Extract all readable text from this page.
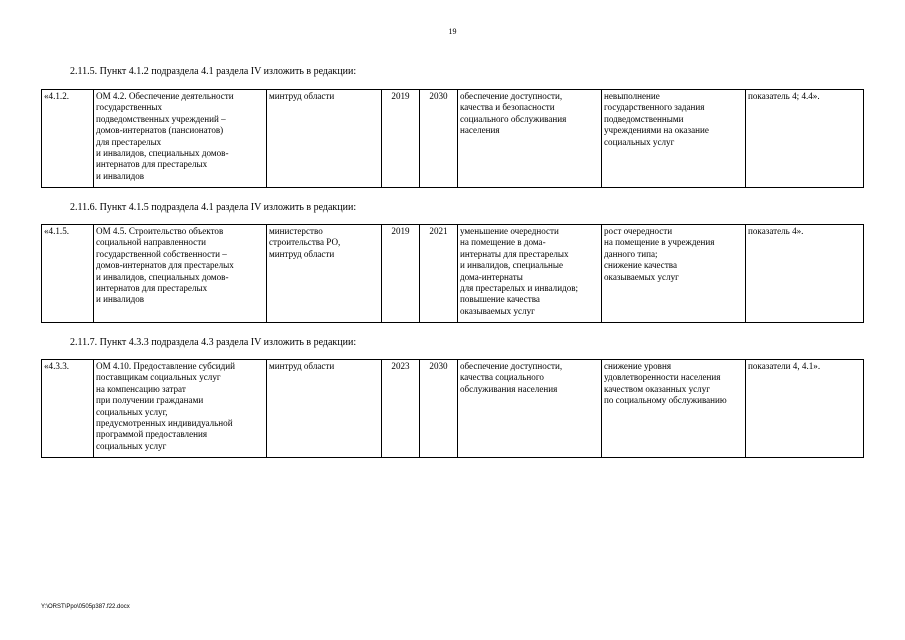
19
2.11.5. Пункт 4.1.2 подраздела 4.1 раздела IV изложить в редакции:
«4.1.2.	ОМ 4.2. Обеспечение деятельности
государственных
подведомственных учреждений –
домов-интернатов (пансионатов)
для престарелых
и инвалидов, специальных домов-
интернатов для престарелых
и инвалидов	минтруд области	2019	2030	обеспечение доступности,
качества и безопасности
социального обслуживания
населения	невыполнение
государственного задания
подведомственными
учреждениями на оказание
социальных услуг	показатель 4; 4.4».
2.11.6. Пункт 4.1.5 подраздела 4.1 раздела IV изложить в редакции:
«4.1.5.	ОМ 4.5. Строительство объектов
социальной направленности
государственной собственности –
домов-интернатов для престарелых
и инвалидов, специальных домов-
интернатов для престарелых
и инвалидов	министерство
строительства РО,
минтруд области	2019	2021	уменьшение очередности
на помещение в дома-
интернаты для престарелых
и инвалидов, специальные
дома-интернаты
для престарелых и инвалидов;
повышение качества
оказываемых услуг	рост очередности
на помещение в учреждения
данного типа;
снижение качества
оказываемых услуг	показатель 4».
2.11.7. Пункт 4.3.3 подраздела 4.3 раздела IV изложить в редакции:
«4.3.3.	ОМ 4.10. Предоставление субсидий
поставщикам социальных услуг
на компенсацию затрат
при получении гражданами
социальных услуг,
предусмотренных индивидуальной
программой предоставления
социальных услуг	минтруд области	2023	2030	обеспечение доступности,
качества социального
обслуживания населения	снижение уровня
удовлетворенности населения
качеством оказанных услуг
по социальному обслуживанию	показатели 4, 4.1».
Y:\ORST\Ppo\0505p387.f22.docx
